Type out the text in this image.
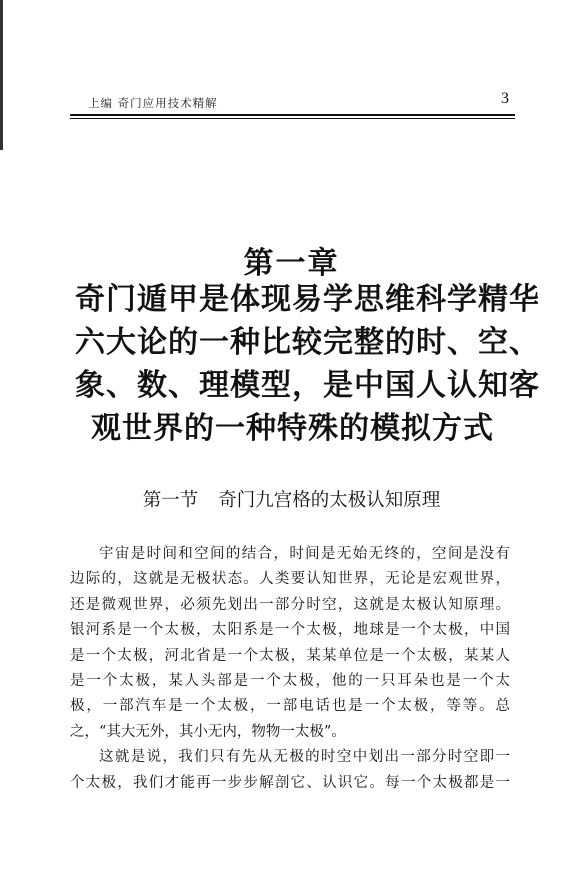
上编 奇门应用技术精解	3
第一章
奇门遁甲是体现易学思维科学精华
六大论的一种比较完整的时、空、
象、数、理模型，是中国人认知客
观世界的一种特殊的模拟方式
第一节 奇门九宫格的太极认知原理
宇宙是时间和空间的结合，时间是无始无终的，空间是没有
边际的，这就是无极状态。人类要认知世界，无论是宏观世界，
还是微观世界，必须先划出一部分时空，这就是太极认知原理。
银河系是一个太极，太阳系是一个太极，地球是一个太极，中国
是一个太极，河北省是一个太极，某某单位是一个太极，某某人
是一个太极，某人头部是一个太极，他的一只耳朵也是一个太
极，一部汽车是一个太极，一部电话也是一个太极，等等。总
之，“其大无外，其小无内，物物一太极”。
这就是说，我们只有先从无极的时空中划出一部分时空即一
个太极，我们才能再一步步解剖它、认识它。每一个太极都是一
